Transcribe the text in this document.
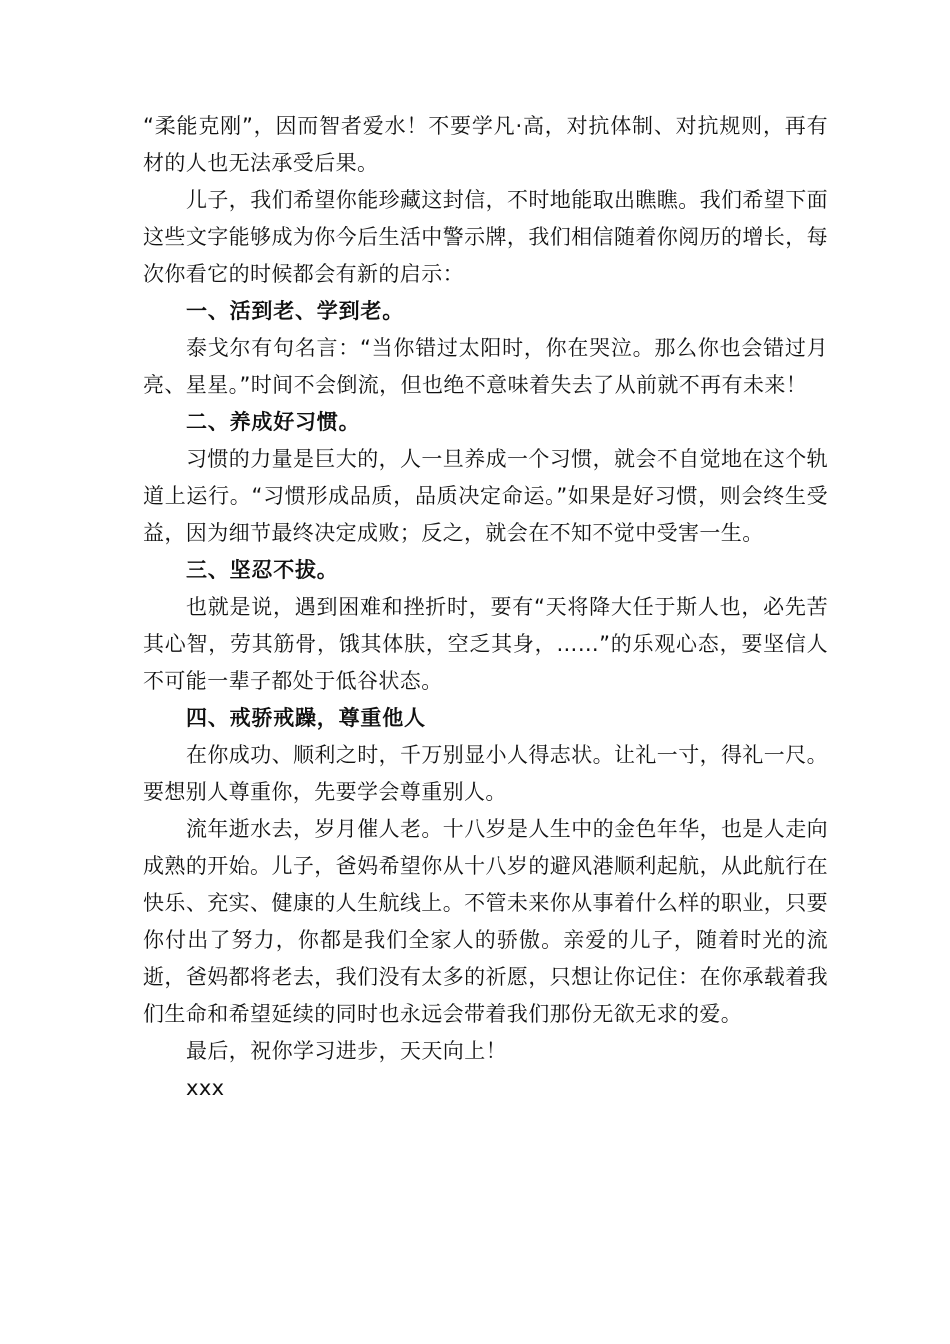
“柔能克刚”，因而智者爱水！不要学凡·高，对抗体制、对抗规则，再有材的人也无法承受后果。

儿子，我们希望你能珍藏这封信，不时地能取出瞧瞧。我们希望下面这些文字能够成为你今后生活中警示牌，我们相信随着你阅历的增长，每次你看它的时候都会有新的启示：

一、活到老、学到老。

泰戈尔有句名言：“当你错过太阳时，你在哭泣。那么你也会错过月亮、星星。”时间不会倒流，但也绝不意味着失去了从前就不再有未来！

二、养成好习惯。

习惯的力量是巨大的，人一旦养成一个习惯，就会不自觉地在这个轨道上运行。“习惯形成品质，品质决定命运。”如果是好习惯，则会终生受益，因为细节最终决定成败；反之，就会在不知不觉中受害一生。

三、坚忍不拔。

也就是说，遇到困难和挫折时，要有“天将降大任于斯人也，必先苦其心智，劳其筋骨，饿其体肤，空乏其身，……”的乐观心态，要坚信人不可能一辈子都处于低谷状态。

四、戒骄戒躁，尊重他人

在你成功、顺利之时，千万别显小人得志状。让礼一寸，得礼一尺。要想别人尊重你，先要学会尊重别人。

流年逝水去，岁月催人老。十八岁是人生中的金色年华，也是人走向成熟的开始。儿子，爸妈希望你从十八岁的避风港顺利起航，从此航行在快乐、充实、健康的人生航线上。不管未来你从事着什么样的职业，只要你付出了努力，你都是我们全家人的骄傲。亲爱的儿子，随着时光的流逝，爸妈都将老去，我们没有太多的祈愿，只想让你记住：在你承载着我们生命和希望延续的同时也永远会带着我们那份无欲无求的爱。

最后，祝你学习进步，天天向上！

xxx
